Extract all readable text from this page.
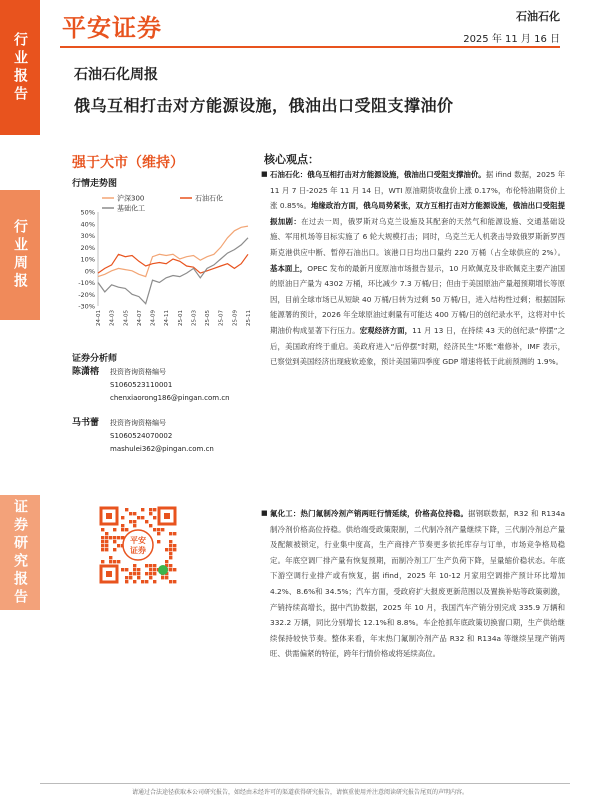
行业报告
行业周报
证券研究报告
平安证券	石油石化
2025 年 11 月 16 日
石油石化周报
俄乌互相打击对方能源设施，俄油出口受阻支撑油价
强于大市（维持）
行情走势图
50%
40%
30%
20%
10%
0%
-10%
-20%
-30%
24-01 24-03 24-05 24-07 24-09 24-11 25-01 25-03 25-05 25-07 25-09 25-11
沪深300	石油石化
基础化工
证券分析师
陈潇榕 投资咨询资格编号
S1060523110001
chenxiaorong186@pingan.com.cn
马书蕾 投资咨询资格编号
S1060524070002
mashulei362@pingan.com.cn
平安
证券
核心观点：
■ 石油石化：俄乌互相打击对方能源设施，俄油出口受阻支撑油价。据 ifind 数据，2025 年 11 月 7 日-2025 年 11 月 14 日，WTI 原油期货收盘价上涨 0.17%，布伦特油期货价上涨 0.85%。地缘政治方面，俄乌局势紧张，双方互相打击对方能源设施，俄油出口受阻提振加剧：在过去一周，俄罗斯对乌克兰设施及其配套的天然气和能源设施、交通基础设施、军用机场等目标实施了 6 轮大规模打击；同时，乌克兰无人机袭击导致俄罗斯新罗西斯克港供应中断、暂停石油出口。该港口日均出口量约 220 万桶（占全球供应的 2%）。基本面上，OPEC 发布的最新月度原油市场报告显示，10 月欧佩克及非欧佩克主要产油国的原油日产量为 4302 万桶，环比减少 7.3 万桶/日；但由于美国原油产量超预期增长等原因，目前全球市场已从短缺 40 万桶/日转为过剩 50 万桶/日，进入结构性过剩；根据国际能源署的预计，2026 年全球原油过剩量有可能达 400 万桶/日的创纪录水平，这将对中长期油价构成显著下行压力。宏观经济方面，11 月 13 日，在持续 43 天的创纪录“停摆”之后，美国政府终于重启。美政府进入“后停摆”时期，经济民生“坏账”难修补，IMF 表示，已察觉到美国经济出现疲软迹象，预计美国第四季度 GDP 增速将低于此前预测的 1.9%。
■ 氟化工：热门氟制冷剂产销两旺行情延续，价格高位持稳。据钢联数据，R32 和 R134a 制冷剂价格高位持稳。供给端受政策限制，二代制冷剂产量继续下降，三代制冷剂总产量及配额被锁定，行业集中度高，生产商排产节奏更多依托库存与订单，市场竞争格局稳定。年底空调厂排产量有恢复预期，而制冷剂工厂生产负荷下降，呈量缩价稳状态。年底下游空调行业排产或有恢复，据 ifind，2025 年 10-12 月家用空调排产预计环比增加 4.2%、8.6%和 34.5%；汽车方面，受政府扩大报废更新范围以及置换补贴等政策刺激，产销持续高增长，据中汽协数据，2025 年 10 月，我国汽车产销分别完成 335.9 万辆和 332.2 万辆，同比分别增长 12.1%和 8.8%。车企抢抓年底政策切换窗口期，生产供给继续保持较快节奏。整体来看，年末热门氟制冷剂产品 R32 和 R134a 等继续呈现产销两旺、供需偏紧的特征，跨年行情价格或将延续高位。
请通过合法途径获取本公司研究报告，如经由未经许可的渠道获得研究报告，请慎重使用并注意阅读研究报告尾页的声明内容。
